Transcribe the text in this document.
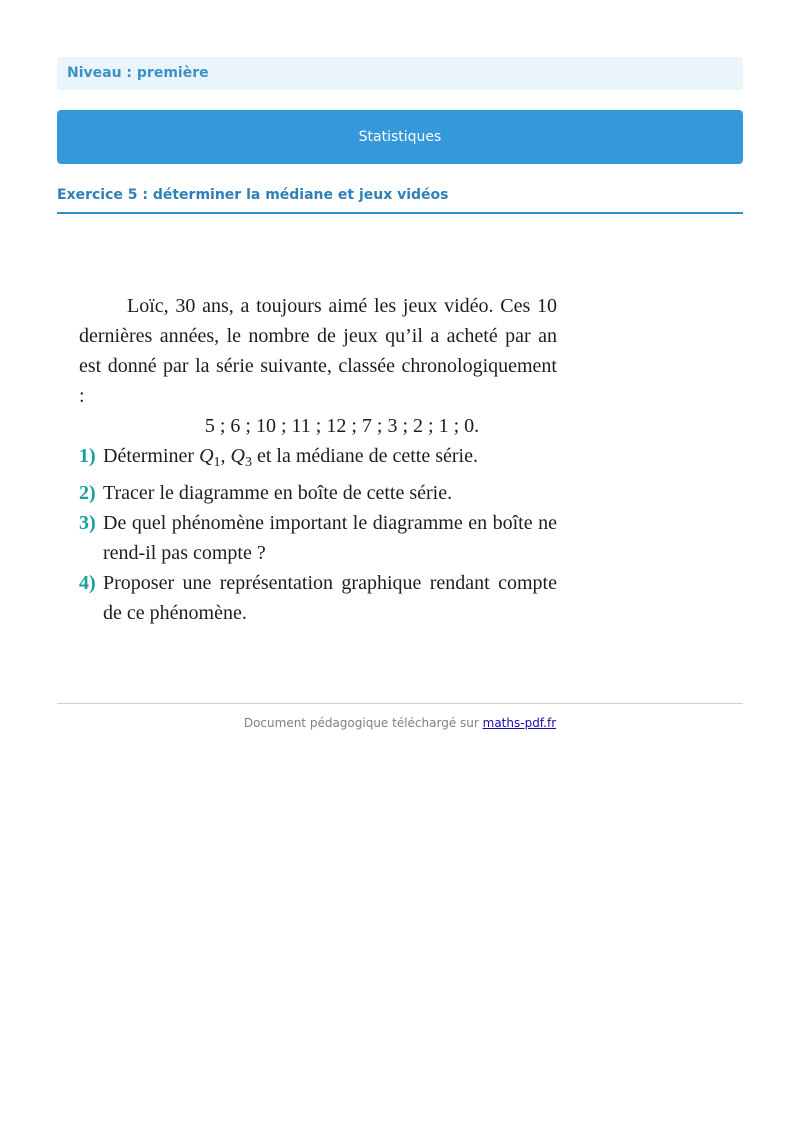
Niveau : première
Statistiques
Exercice 5 : déterminer la médiane et jeux vidéos

Loïc, 30 ans, a toujours aimé les jeux vidéo. Ces 10 dernières années, le nombre de jeux qu’il a acheté par an est donné par la série suivante, classée chronologiquement :

5 ; 6 ; 10 ; 11 ; 12 ; 7 ; 3 ; 2 ; 1 ; 0.

1) Déterminer $Q_1$, $Q_3$ et la médiane de cette série.
2) Tracer le diagramme en boîte de cette série.
3) De quel phénomène important le diagramme en boîte ne rend-il pas compte ?
4) Proposer une représentation graphique rendant compte de ce phénomène.
Document pédagogique téléchargé sur maths-pdf.fr
